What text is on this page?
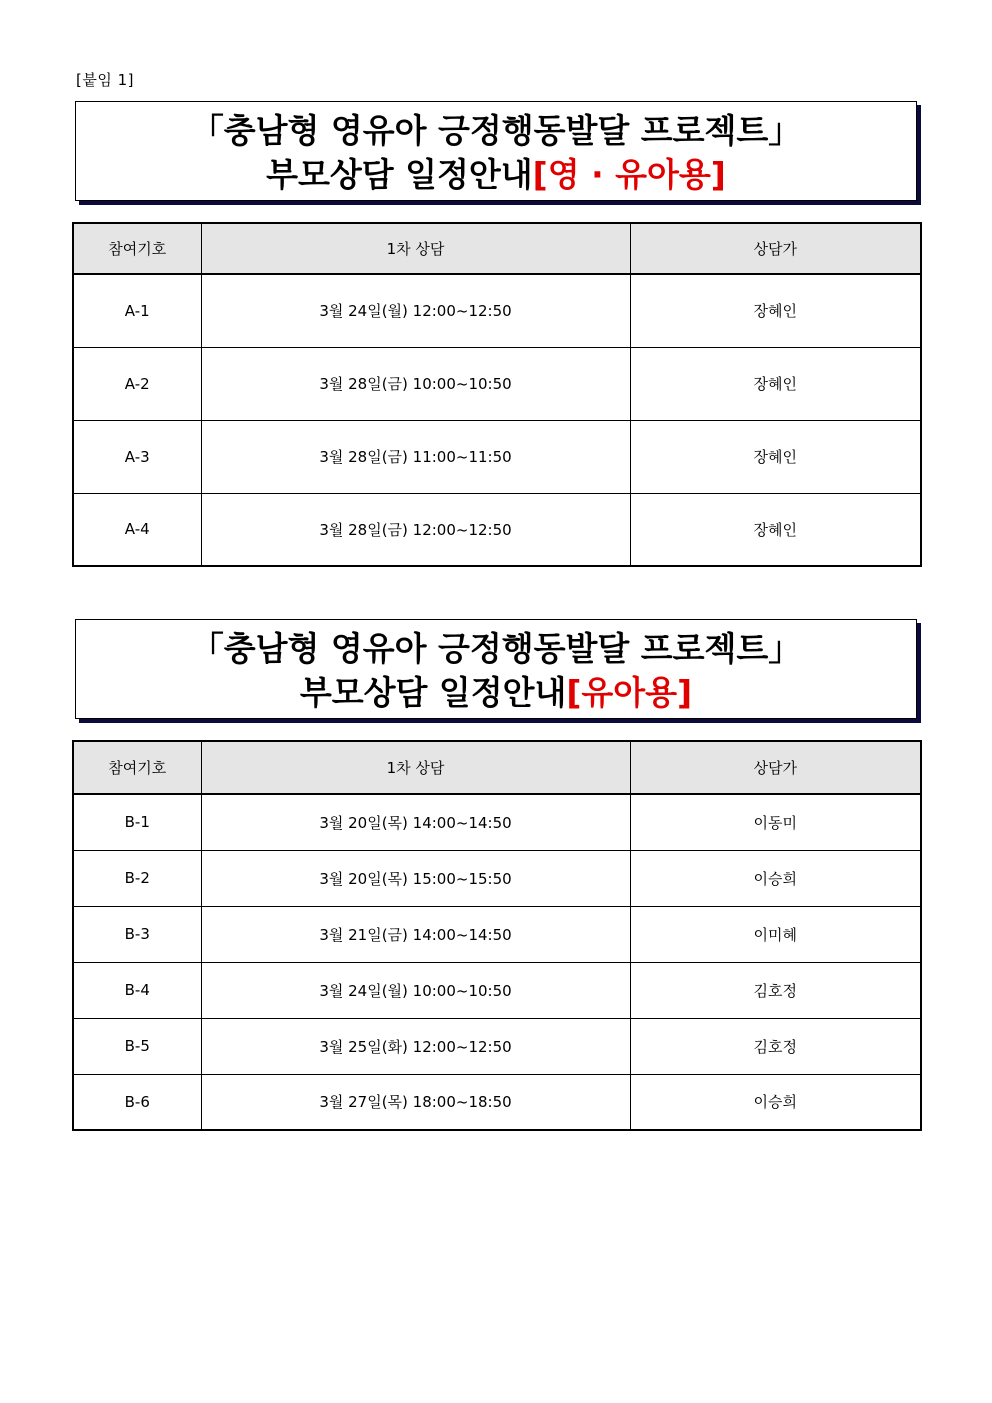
[붙임 1]
「충남형 영유아 긍정행동발달 프로젝트」
부모상담 일정안내[영 · 유아용]
참여기호	1차 상담	상담가
A-1	3월 24일(월) 12:00~12:50	장혜인
A-2	3월 28일(금) 10:00~10:50	장혜인
A-3	3월 28일(금) 11:00~11:50	장혜인
A-4	3월 28일(금) 12:00~12:50	장혜인
「충남형 영유아 긍정행동발달 프로젝트」
부모상담 일정안내[유아용]
참여기호	1차 상담	상담가
B-1	3월 20일(목) 14:00~14:50	이동미
B-2	3월 20일(목) 15:00~15:50	이승희
B-3	3월 21일(금) 14:00~14:50	이미혜
B-4	3월 24일(월) 10:00~10:50	김호정
B-5	3월 25일(화) 12:00~12:50	김호정
B-6	3월 27일(목) 18:00~18:50	이승희
